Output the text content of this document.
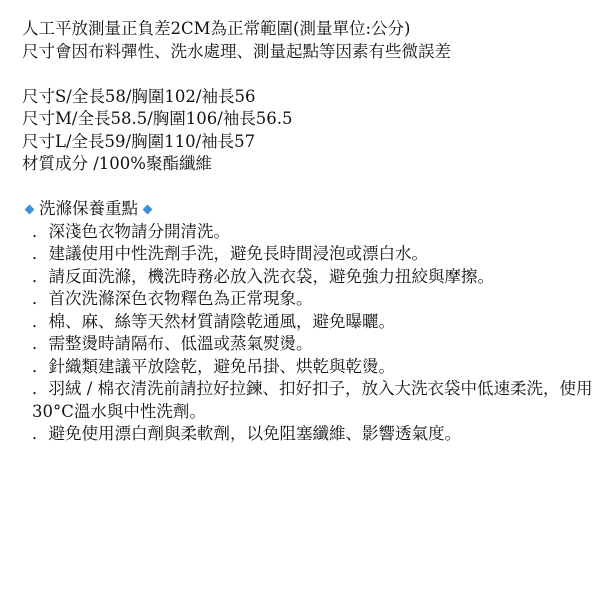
人工平放測量正負差2CM為正常範圍(測量單位:公分)
尺寸會因布料彈性、洗水處理、測量起點等因素有些微誤差
尺寸S/全長58/胸圍102/袖長56
尺寸M/全長58.5/胸圍106/袖長56.5
尺寸L/全長59/胸圍110/袖長57
材質成分 /100%聚酯纖維
洗滌保養重點
．深淺色衣物請分開清洗。
．建議使用中性洗劑手洗，避免長時間浸泡或漂白水。
．請反面洗滌，機洗時務必放入洗衣袋，避免強力扭絞與摩擦。
．首次洗滌深色衣物釋色為正常現象。
．棉、麻、絲等天然材質請陰乾通風，避免曝曬。
．需整燙時請隔布、低溫或蒸氣熨燙。
．針織類建議平放陰乾，避免吊掛、烘乾與乾燙。
．羽絨 / 棉衣清洗前請拉好拉鍊、扣好扣子，放入大洗衣袋中低速柔洗，使用30°C溫水與中性洗劑。
．避免使用漂白劑與柔軟劑，以免阻塞纖維、影響透氣度。
